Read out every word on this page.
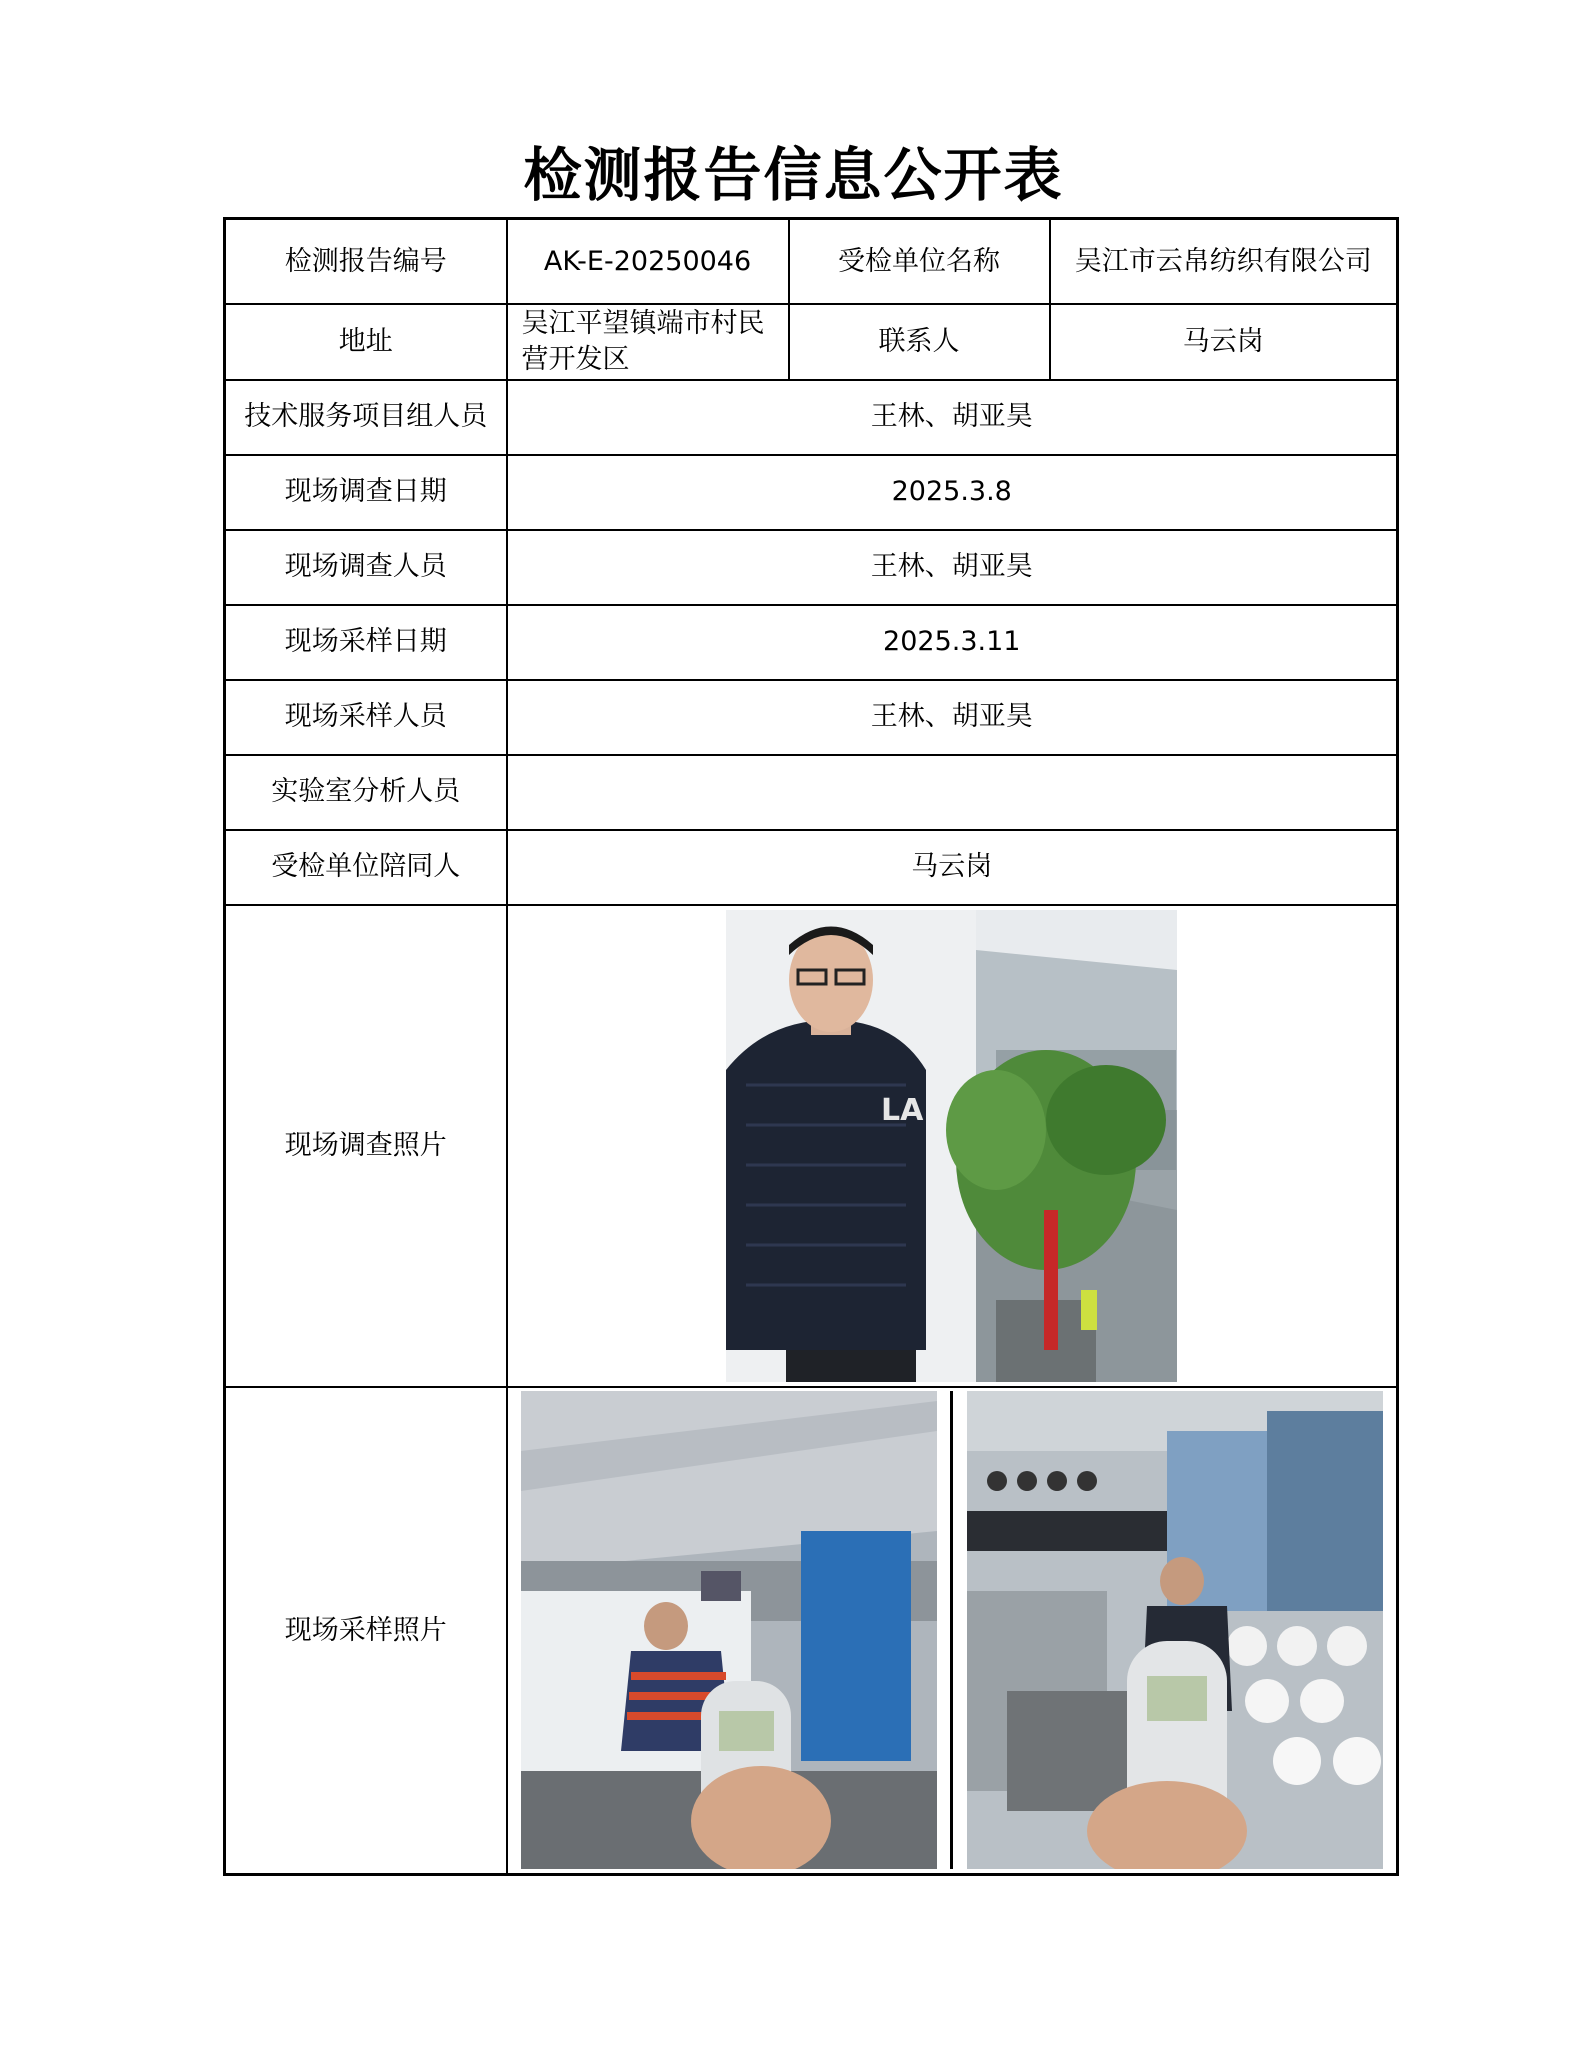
检测报告信息公开表
检测报告编号	AK-E-20250046	受检单位名称	吴江市云帛纺织有限公司
地址	吴江平望镇端市村民营开发区	联系人	马云岗
技术服务项目组人员	王林、胡亚昊		
现场调查日期	2025.3.8		
现场调查人员	王林、胡亚昊		
现场采样日期	2025.3.11		
现场采样人员	王林、胡亚昊		
实验室分析人员			
受检单位陪同人	马云岗		
现场调查照片	LA		

现场采样照片	
